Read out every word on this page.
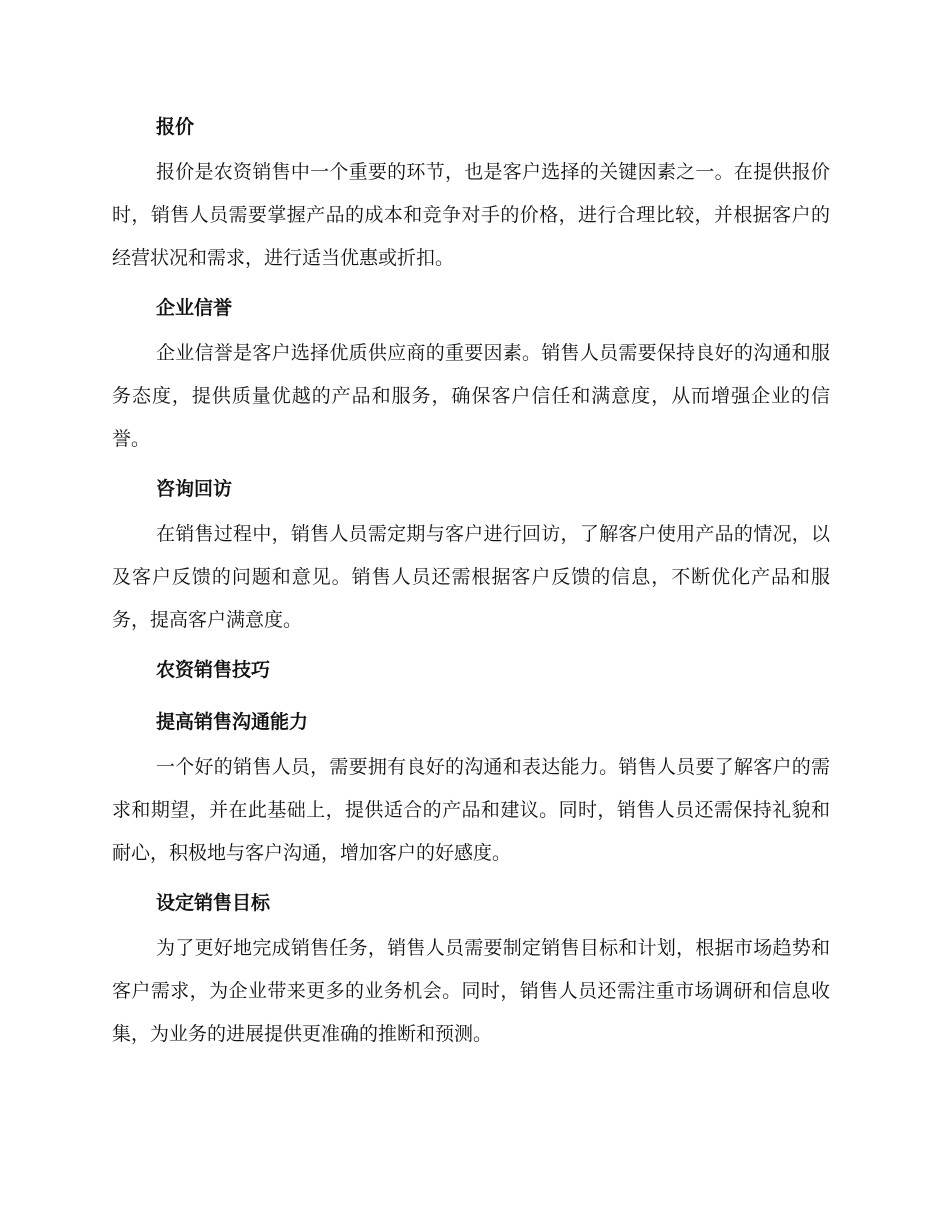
报价

报价是农资销售中一个重要的环节，也是客户选择的关键因素之一。在提供报价时，销售人员需要掌握产品的成本和竞争对手的价格，进行合理比较，并根据客户的经营状况和需求，进行适当优惠或折扣。

企业信誉

企业信誉是客户选择优质供应商的重要因素。销售人员需要保持良好的沟通和服务态度，提供质量优越的产品和服务，确保客户信任和满意度，从而增强企业的信誉。

咨询回访

在销售过程中，销售人员需定期与客户进行回访，了解客户使用产品的情况，以及客户反馈的问题和意见。销售人员还需根据客户反馈的信息，不断优化产品和服务，提高客户满意度。

农资销售技巧
提高销售沟通能力

一个好的销售人员，需要拥有良好的沟通和表达能力。销售人员要了解客户的需求和期望，并在此基础上，提供适合的产品和建议。同时，销售人员还需保持礼貌和耐心，积极地与客户沟通，增加客户的好感度。

设定销售目标

为了更好地完成销售任务，销售人员需要制定销售目标和计划，根据市场趋势和客户需求，为企业带来更多的业务机会。同时，销售人员还需注重市场调研和信息收集，为业务的进展提供更准确的推断和预测。
